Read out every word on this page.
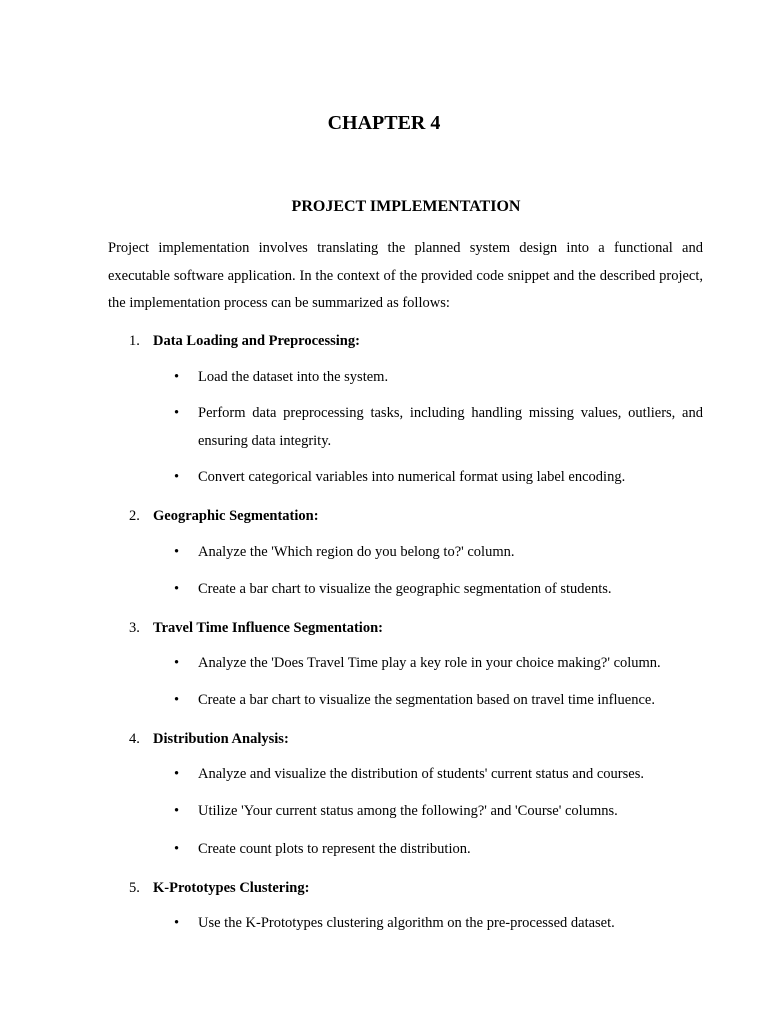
CHAPTER 4
PROJECT IMPLEMENTATION

Project implementation involves translating the planned system design into a functional and executable software application. In the context of the provided code snippet and the described project, the implementation process can be summarized as follows:

1. Data Loading and Preprocessing:

• Load the dataset into the system.

• Perform data preprocessing tasks, including handling missing values, outliers, and ensuring data integrity.

• Convert categorical variables into numerical format using label encoding.

2. Geographic Segmentation:

• Analyze the 'Which region do you belong to?' column.

• Create a bar chart to visualize the geographic segmentation of students.

3. Travel Time Influence Segmentation:

• Analyze the 'Does Travel Time play a key role in your choice making?' column.

• Create a bar chart to visualize the segmentation based on travel time influence.

4. Distribution Analysis:

• Analyze and visualize the distribution of students' current status and courses.

• Utilize 'Your current status among the following?' and 'Course' columns.

• Create count plots to represent the distribution.

5. K-Prototypes Clustering:

• Use the K-Prototypes clustering algorithm on the pre-processed dataset.
